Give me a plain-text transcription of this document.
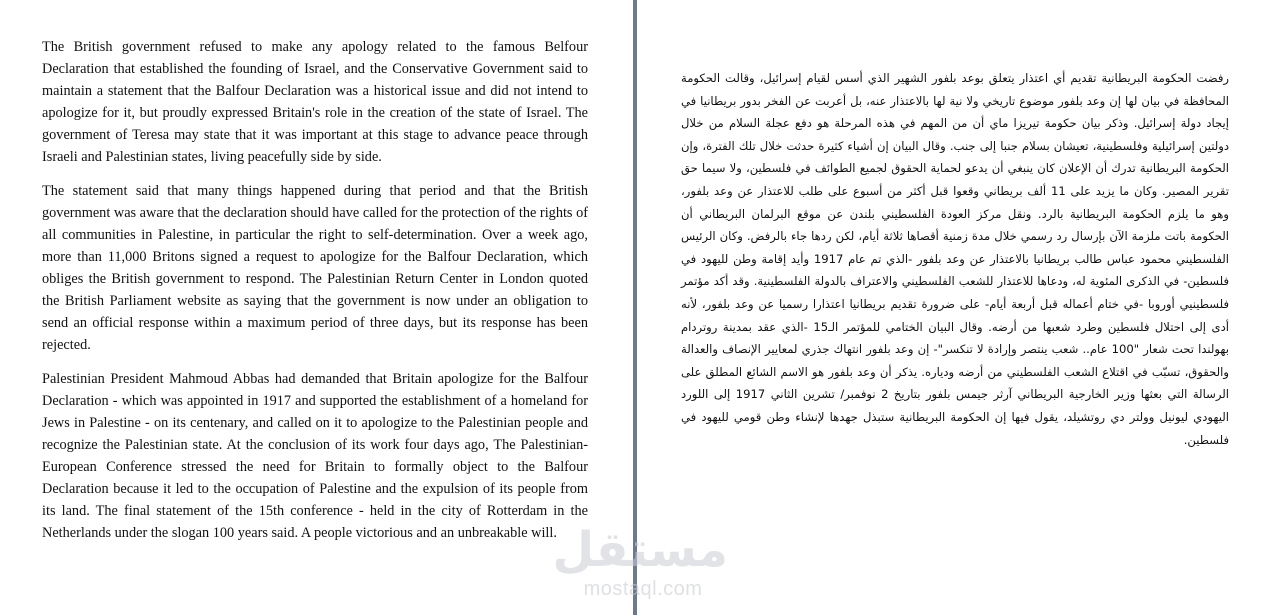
The British government refused to make any apology related to the famous Belfour Declaration that established the founding of Israel, and the Conservative Government said to maintain a statement that the Balfour Declaration was a historical issue and did not intend to apologize for it, but proudly expressed Britain's role in the creation of the state of Israel. The government of Teresa may state that it was important at this stage to advance peace through Israeli and Palestinian states, living peacefully side by side.

The statement said that many things happened during that period and that the British government was aware that the declaration should have called for the protection of the rights of all communities in Palestine, in particular the right to self-determination. Over a week ago, more than 11,000 Britons signed a request to apologize for the Balfour Declaration, which obliges the British government to respond. The Palestinian Return Center in London quoted the British Parliament website as saying that the government is now under an obligation to send an official response within a maximum period of three days, but its response has been rejected.

Palestinian President Mahmoud Abbas had demanded that Britain apologize for the Balfour Declaration - which was appointed in 1917 and supported the establishment of a homeland for Jews in Palestine - on its centenary, and called on it to apologize to the Palestinian people and recognize the Palestinian state. At the conclusion of its work four days ago, The Palestinian-European Conference stressed the need for Britain to formally object to the Balfour Declaration because it led to the occupation of Palestine and the expulsion of its people from its land. The final statement of the 15th conference - held in the city of Rotterdam in the Netherlands under the slogan 100 years said. A people victorious and an unbreakable will.

رفضت الحكومة البريطانية تقديم أي اعتذار يتعلق بوعد بلفور الشهير الذي أسس لقيام إسرائيل، وقالت الحكومة المحافظة في بيان لها إن وعد بلفور موضوع تاريخي ولا نية لها بالاعتذار عنه، بل أعربت عن الفخر بدور بريطانيا في إيجاد دولة إسرائيل. وذكر بيان حكومة تيريزا ماي أن من المهم في هذه المرحلة هو دفع عجلة السلام من خلال دولتين إسرائيلية وفلسطينية، تعيشان بسلام جنبا إلى جنب. وقال البيان إن أشياء كثيرة حدثت خلال تلك الفترة، وإن الحكومة البريطانية تدرك أن الإعلان كان ينبغي أن يدعو لحماية الحقوق لجميع الطوائف في فلسطين، ولا سيما حق تقرير المصير. وكان ما يزيد على 11 ألف بريطاني وقعوا قبل أكثر من أسبوع على طلب للاعتذار عن وعد بلفور، وهو ما يلزم الحكومة البريطانية بالرد. ونقل مركز العودة الفلسطيني بلندن عن موقع البرلمان البريطاني أن الحكومة باتت ملزمة الآن بإرسال رد رسمي خلال مدة زمنية أقصاها ثلاثة أيام، لكن ردها جاء بالرفض. وكان الرئيس الفلسطيني محمود عباس طالب بريطانيا بالاعتذار عن وعد بلفور -الذي تم عام 1917 وأيد إقامة وطن لليهود في فلسطين- في الذكرى المئوية له، ودعاها للاعتذار للشعب الفلسطيني والاعتراف بالدولة الفلسطينية. وقد أكد مؤتمر فلسطينيي أوروبا -في ختام أعماله قبل أربعة أيام- على ضرورة تقديم بريطانيا اعتذارا رسميا عن وعد بلفور، لأنه أدى إلى احتلال فلسطين وطرد شعبها من أرضه. وقال البيان الختامي للمؤتمر الـ15 -الذي عقد بمدينة روتردام بهولندا تحت شعار "100 عام.. شعب ينتصر وإرادة لا تنكسر"- إن وعد بلفور انتهاك جذري لمعايير الإنصاف والعدالة والحقوق، تسبّب في اقتلاع الشعب الفلسطيني من أرضه ودياره. يذكر أن وعد بلفور هو الاسم الشائع المطلق على الرسالة التي بعثها وزير الخارجية البريطاني آرثر جيمس بلفور بتاريخ 2 نوفمبر/ تشرين الثاني 1917 إلى اللورد اليهودي ليونيل وولتر دي روتشيلد، يقول فيها إن الحكومة البريطانية ستبذل جهدها لإنشاء وطن قومي لليهود في فلسطين.
مستقل
mostaql.com
